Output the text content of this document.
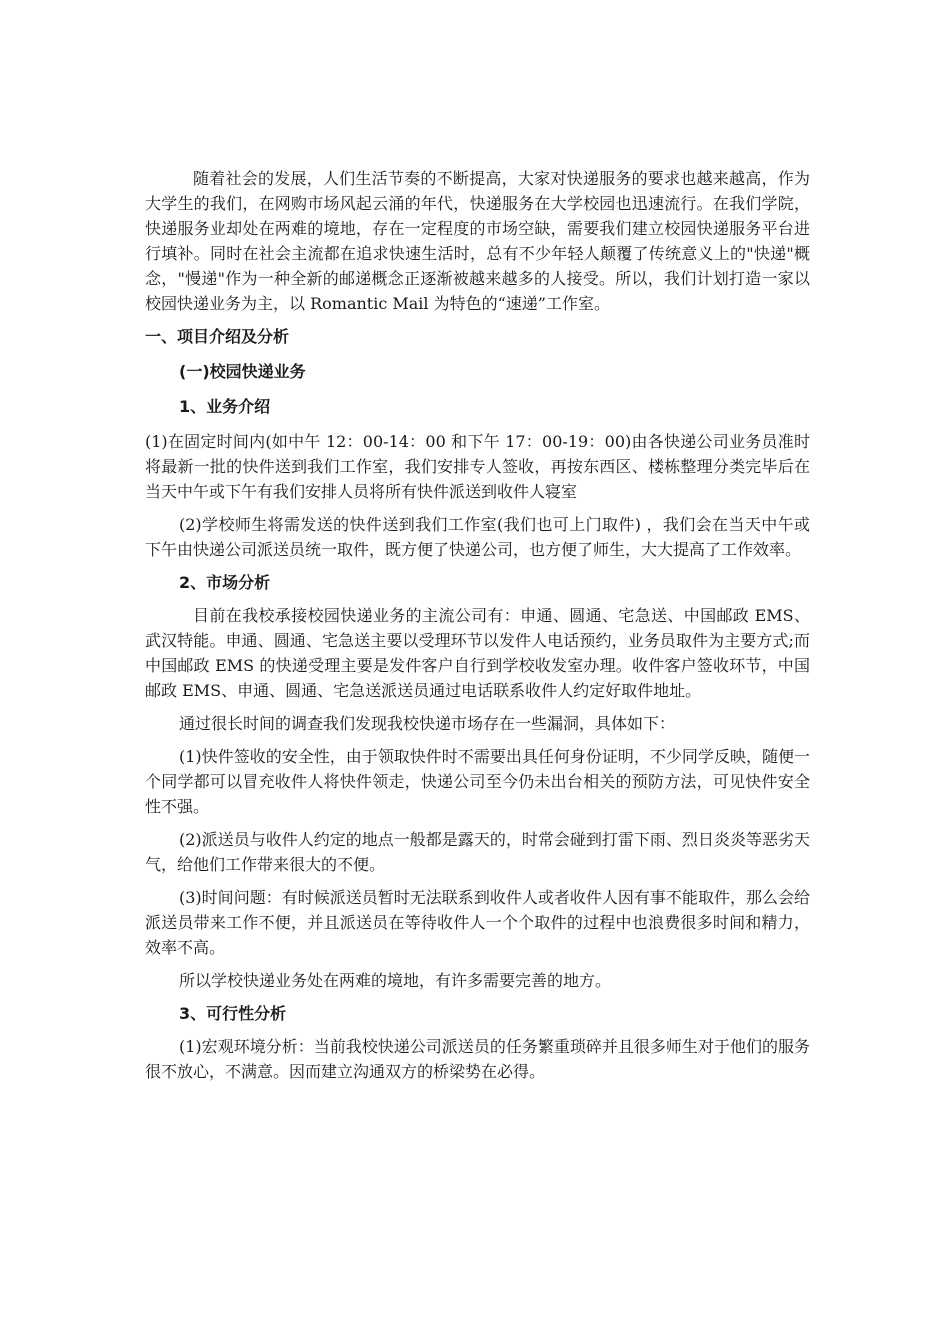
随着社会的发展，人们生活节奏的不断提高，大家对快递服务的要求也越来越高，作为大学生的我们，在网购市场风起云涌的年代，快递服务在大学校园也迅速流行。在我们学院，快递服务业却处在两难的境地，存在一定程度的市场空缺，需要我们建立校园快递服务平台进行填补。同时在社会主流都在追求快速生活时，总有不少年轻人颠覆了传统意义上的"快递"概念，"慢递"作为一种全新的邮递概念正逐渐被越来越多的人接受。所以，我们计划打造一家以校园快递业务为主，以 Romantic Mail 为特色的“速递”工作室。

一、项目介绍及分析

(一)校园快递业务

1、业务介绍

(1)在固定时间内(如中午 12：00-14：00 和下午 17：00-19：00)由各快递公司业务员准时将最新一批的快件送到我们工作室，我们安排专人签收，再按东西区、楼栋整理分类完毕后在当天中午或下午有我们安排人员将所有快件派送到收件人寝室

(2)学校师生将需发送的快件送到我们工作室(我们也可上门取件) ，我们会在当天中午或下午由快递公司派送员统一取件，既方便了快递公司，也方便了师生，大大提高了工作效率。

2、市场分析

目前在我校承接校园快递业务的主流公司有：申通、圆通、宅急送、中国邮政 EMS、武汉特能。申通、圆通、宅急送主要以受理环节以发件人电话预约，业务员取件为主要方式;而中国邮政 EMS 的快递受理主要是发件客户自行到学校收发室办理。收件客户签收环节，中国邮政 EMS、申通、圆通、宅急送派送员通过电话联系收件人约定好取件地址。

通过很长时间的调查我们发现我校快递市场存在一些漏洞，具体如下：

(1)快件签收的安全性，由于领取快件时不需要出具任何身份证明，不少同学反映，随便一个同学都可以冒充收件人将快件领走，快递公司至今仍未出台相关的预防方法，可见快件安全性不强。

(2)派送员与收件人约定的地点一般都是露天的，时常会碰到打雷下雨、烈日炎炎等恶劣天气，给他们工作带来很大的不便。

(3)时间问题：有时候派送员暂时无法联系到收件人或者收件人因有事不能取件，那么会给派送员带来工作不便，并且派送员在等待收件人一个个取件的过程中也浪费很多时间和精力，效率不高。

所以学校快递业务处在两难的境地，有许多需要完善的地方。

3、可行性分析

(1)宏观环境分析：当前我校快递公司派送员的任务繁重琐碎并且很多师生对于他们的服务很不放心，不满意。因而建立沟通双方的桥梁势在必得。
